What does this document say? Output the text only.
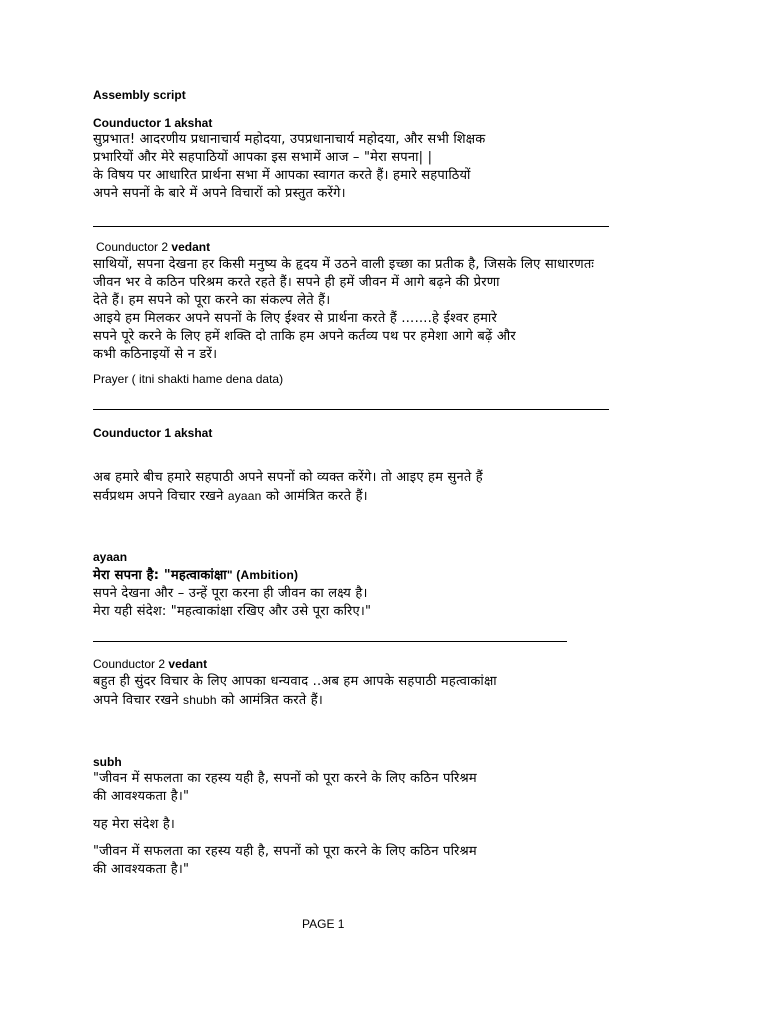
Assembly script
Counductor 1 akshat
सुप्रभात! आदरणीय प्रधानाचार्य महोदया, उपप्रधानाचार्य महोदया, और सभी शिक्षक
प्रभारियों और मेरे सहपाठियों आपका इस सभामें आज – "मेरा सपना| |
के विषय पर आधारित प्रार्थना सभा में आपका स्वागत करते हैं। हमारे सहपाठियों
अपने सपनों के बारे में अपने विचारों को प्रस्तुत करेंगे।
Counductor 2 vedant
साथियों, सपना देखना हर किसी मनुष्य के हृदय में उठने वाली इच्छा का प्रतीक है, जिसके लिए साधारणतः
जीवन भर वे कठिन परिश्रम करते रहते हैं। सपने ही हमें जीवन में आगे बढ़ने की प्रेरणा
देते हैं। हम सपने को पूरा करने का संकल्प लेते हैं।
आइये हम मिलकर अपने सपनों के लिए ईश्वर से प्रार्थना करते हैं …….हे ईश्वर हमारे
सपने पूरे करने के लिए हमें शक्ति दो ताकि हम अपने कर्तव्य पथ पर हमेशा आगे बढ़ें और
कभी कठिनाइयों से न डरें।
Prayer ( itni shakti hame dena data)
Counductor 1 akshat
अब हमारे बीच हमारे सहपाठी अपने सपनों को व्यक्त करेंगे। तो आइए हम सुनते हैं
सर्वप्रथम अपने विचार रखने ayaan को आमंत्रित करते हैं।
ayaan
मेरा सपना है: "महत्वाकांक्षा" (Ambition)
सपने देखना और – उन्हें पूरा करना ही जीवन का लक्ष्य है।
मेरा यही संदेश: "महत्वाकांक्षा रखिए और उसे पूरा करिए।"
Counductor 2 vedant
बहुत ही सुंदर विचार के लिए आपका धन्यवाद ..अब हम आपके सहपाठी महत्वाकांक्षा
अपने विचार रखने shubh को आमंत्रित करते हैं।
subh
"जीवन में सफलता का रहस्य यही है, सपनों को पूरा करने के लिए कठिन परिश्रम
की आवश्यकता है।"
यह मेरा संदेश है।
"जीवन में सफलता का रहस्य यही है, सपनों को पूरा करने के लिए कठिन परिश्रम
की आवश्यकता है।"
PAGE 1
